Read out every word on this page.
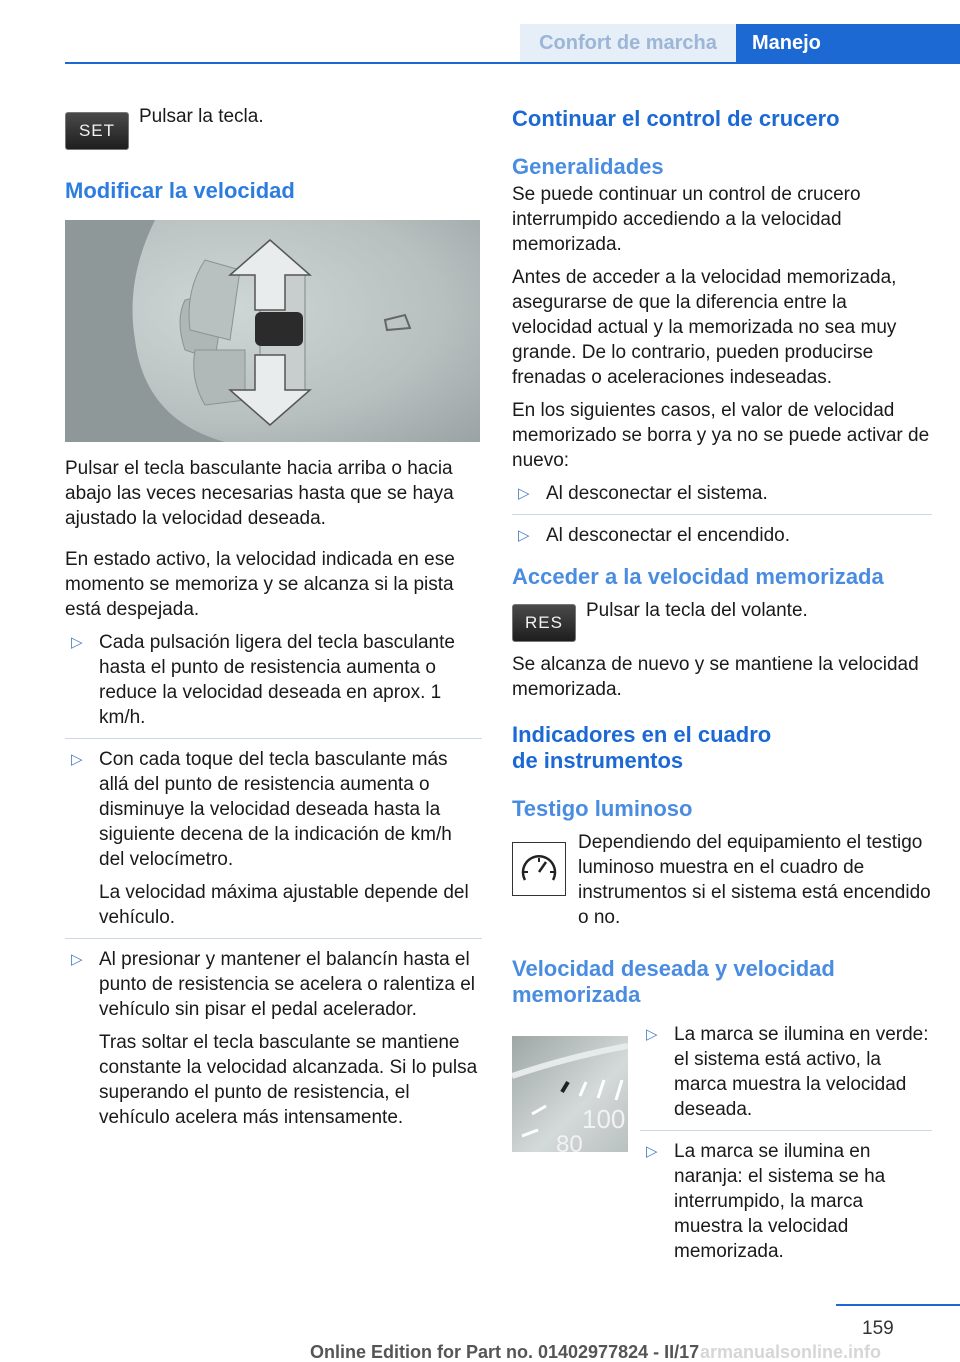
Confort de marcha	Manejo
SET
Pulsar la tecla.
Modificar la velocidad

Pulsar el tecla basculante hacia arriba o hacia abajo las veces necesarias hasta que se haya ajustado la velocidad deseada.

En estado activo, la velocidad indicada en ese momento se memoriza y se alcanza si la pista está despejada.

▷ Cada pulsación ligera del tecla basculante hasta el punto de resistencia aumenta o reduce la velocidad deseada en aprox. 1 km/h.
▷ Con cada toque del tecla basculante más allá del punto de resistencia aumenta o disminuye la velocidad deseada hasta la siguiente decena de la indicación de km/h del velocímetro.
La velocidad máxima ajustable depende del vehículo.
▷ Al presionar y mantener el balancín hasta el punto de resistencia se acelera o ralentiza el vehículo sin pisar el pedal acelerador.
Tras soltar el tecla basculante se mantiene constante la velocidad alcanzada. Si lo pulsa superando el punto de resistencia, el vehículo acelera más intensamente.
Continuar el control de crucero
Generalidades

Se puede continuar un control de crucero interrumpido accediendo a la velocidad memorizada.

Antes de acceder a la velocidad memorizada, asegurarse de que la diferencia entre la velocidad actual y la memorizada no sea muy grande. De lo contrario, pueden producirse frenadas o aceleraciones indeseadas.

En los siguientes casos, el valor de velocidad memorizado se borra y ya no se puede activar de nuevo:

▷ Al desconectar el sistema.
▷ Al desconectar el encendido.
Acceder a la velocidad memorizada
RES
Pulsar la tecla del volante.

Se alcanza de nuevo y se mantiene la velocidad memorizada.

Indicadores en el cuadro
de instrumentos
Testigo luminoso

Dependiendo del equipamiento el testigo luminoso muestra en el cuadro de instrumentos si el sistema está encendido o no.

Velocidad deseada y velocidad
memorizada
100
80
▷ La marca se ilumina en verde: el sistema está activo, la marca muestra la velocidad deseada.
▷ La marca se ilumina en naranja: el sistema se ha interrumpido, la marca muestra la velocidad memorizada.
159
Online Edition for Part no. 01402977824 - II/17 armanualsonline.info
